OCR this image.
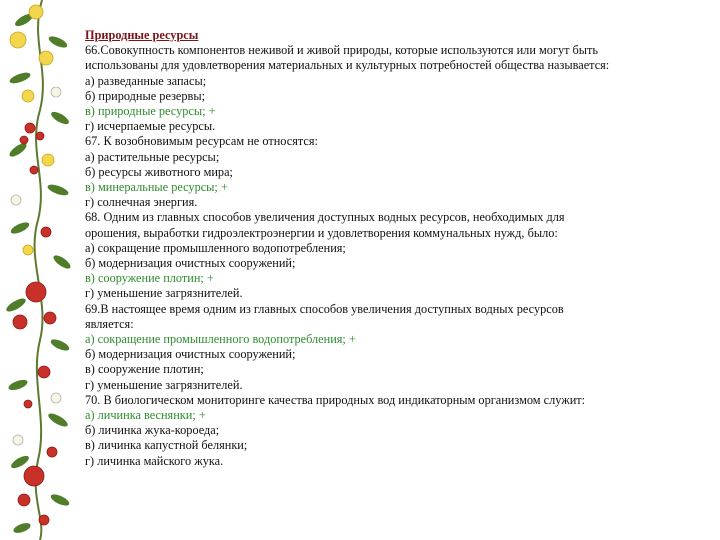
Природные ресурсы

66.Совокупность компонентов неживой и живой природы, которые используются или могут быть

использованы для удовлетворения материальных и культурных потребностей общества называется:

а) разведанные запасы;

б) природные резервы;

в) природные ресурсы; +

г) исчерпаемые ресурсы.

67. К возобновимым ресурсам не относятся:

а) растительные ресурсы;

б) ресурсы животного мира;

в) минеральные ресурсы; +

г) солнечная энергия.

68. Одним из главных способов увеличения доступных водных ресурсов, необходимых для

орошения, выработки гидроэлектроэнергии и удовлетворения коммунальных нужд, было:

а) сокращение промышленного водопотребления;

б) модернизация очистных сооружений;

в) сооружение плотин; +

г) уменьшение загрязнителей.

69.В настоящее время одним из главных способов увеличения доступных водных ресурсов

является:

а) сокращение промышленного водопотребления; +

б) модернизация очистных сооружений;

в) сооружение плотин;

г) уменьшение загрязнителей.

70. В биологическом мониторинге качества природных вод индикаторным организмом служит:

а) личинка веснянки; +

б) личинка жука-короеда;

в) личинка капустной белянки;

г) личинка майского жука.
